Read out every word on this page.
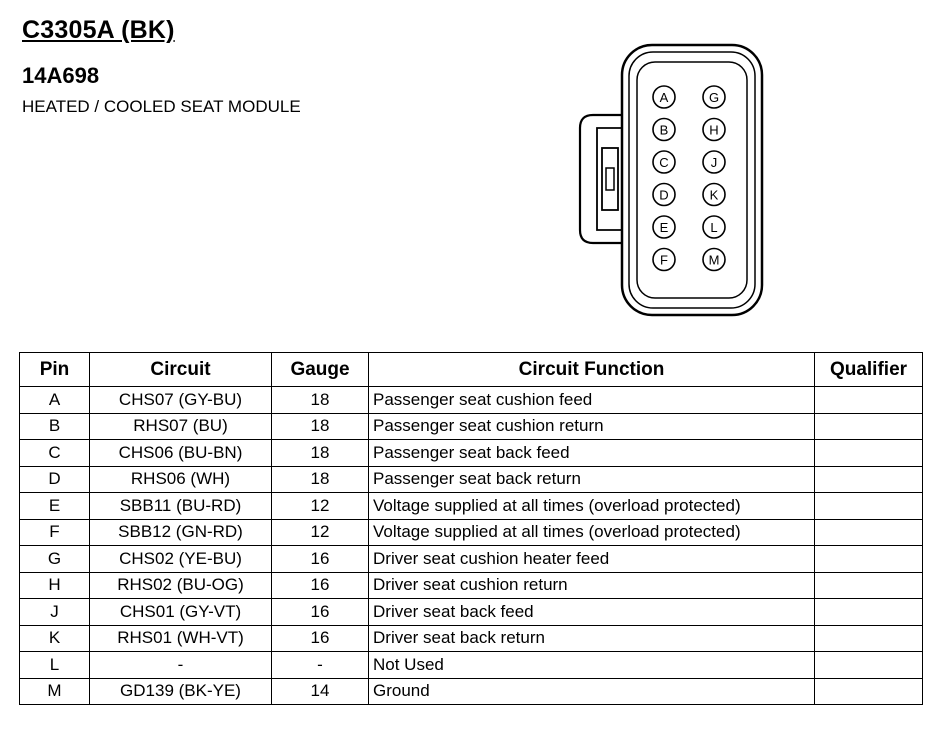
C3305A (BK)
14A698
HEATED / COOLED SEAT MODULE	A
B
C
D
E
F
G
H
J
K
L
M
Pin	Circuit	Gauge	Circuit Function	Qualifier
A	CHS07 (GY-BU)	18	Passenger seat cushion feed	
B	RHS07 (BU)	18	Passenger seat cushion return	
C	CHS06 (BU-BN)	18	Passenger seat back feed	
D	RHS06 (WH)	18	Passenger seat back return	
E	SBB11 (BU-RD)	12	Voltage supplied at all times (overload protected)	
F	SBB12 (GN-RD)	12	Voltage supplied at all times (overload protected)	
G	CHS02 (YE-BU)	16	Driver seat cushion heater feed	
H	RHS02 (BU-OG)	16	Driver seat cushion return	
J	CHS01 (GY-VT)	16	Driver seat back feed	
K	RHS01 (WH-VT)	16	Driver seat back return	
L	-	-	Not Used	
M	GD139 (BK-YE)	14	Ground	
